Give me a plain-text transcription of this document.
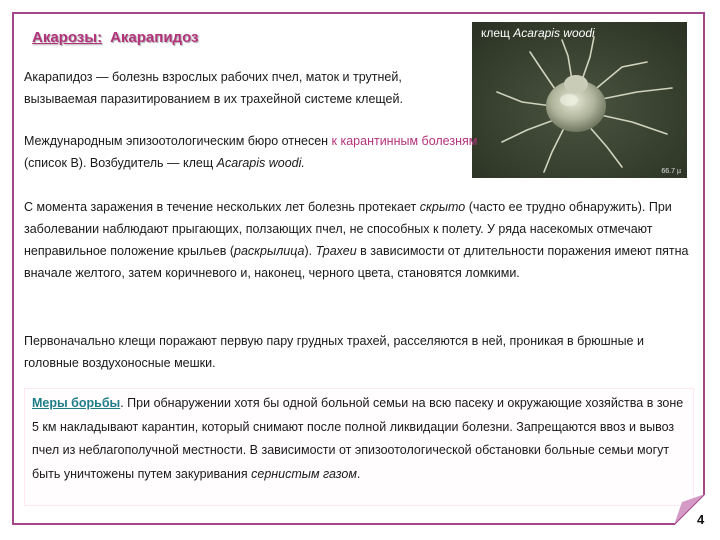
Акарозы: Акарапидоз	клещ Acarapis woodi
66.7 µ
Акарапидоз — болезнь взрослых рабочих пчел, маток и трутней, вызываемая паразитированием в их трахейной системе клещей.
Международным эпизоотологическим бюро отнесен к карантинным болезням (список В). Возбудитель — клещ Acarapis woodi.
С момента заражения в течение нескольких лет болезнь протекает скрыто (часто ее трудно обнаружить). При заболевании наблюдают прыгающих, ползающих пчел, не способных к полету. У ряда насекомых отмечают неправильное положение крыльев (раскрылица). Трахеи в зависимости от длительности поражения имеют пятна вначале желтого, затем коричневого и, наконец, черного цвета, становятся ломкими.
Первоначально клещи поражают первую пару грудных трахей, расселяются в ней, проникая в брюшные и головные воздухоносные мешки.
Меры борьбы. При обнаружении хотя бы одной больной семьи на всю пасеку и окружающие хозяйства в зоне 5 км накладывают карантин, который снимают после полной ликвидации болезни. Запрещаются ввоз и вывоз пчел из неблагополучной местности. В зависимости от эпизоотологической обстановки больные семьи могут быть уничтожены путем закуривания сернистым газом.
4
